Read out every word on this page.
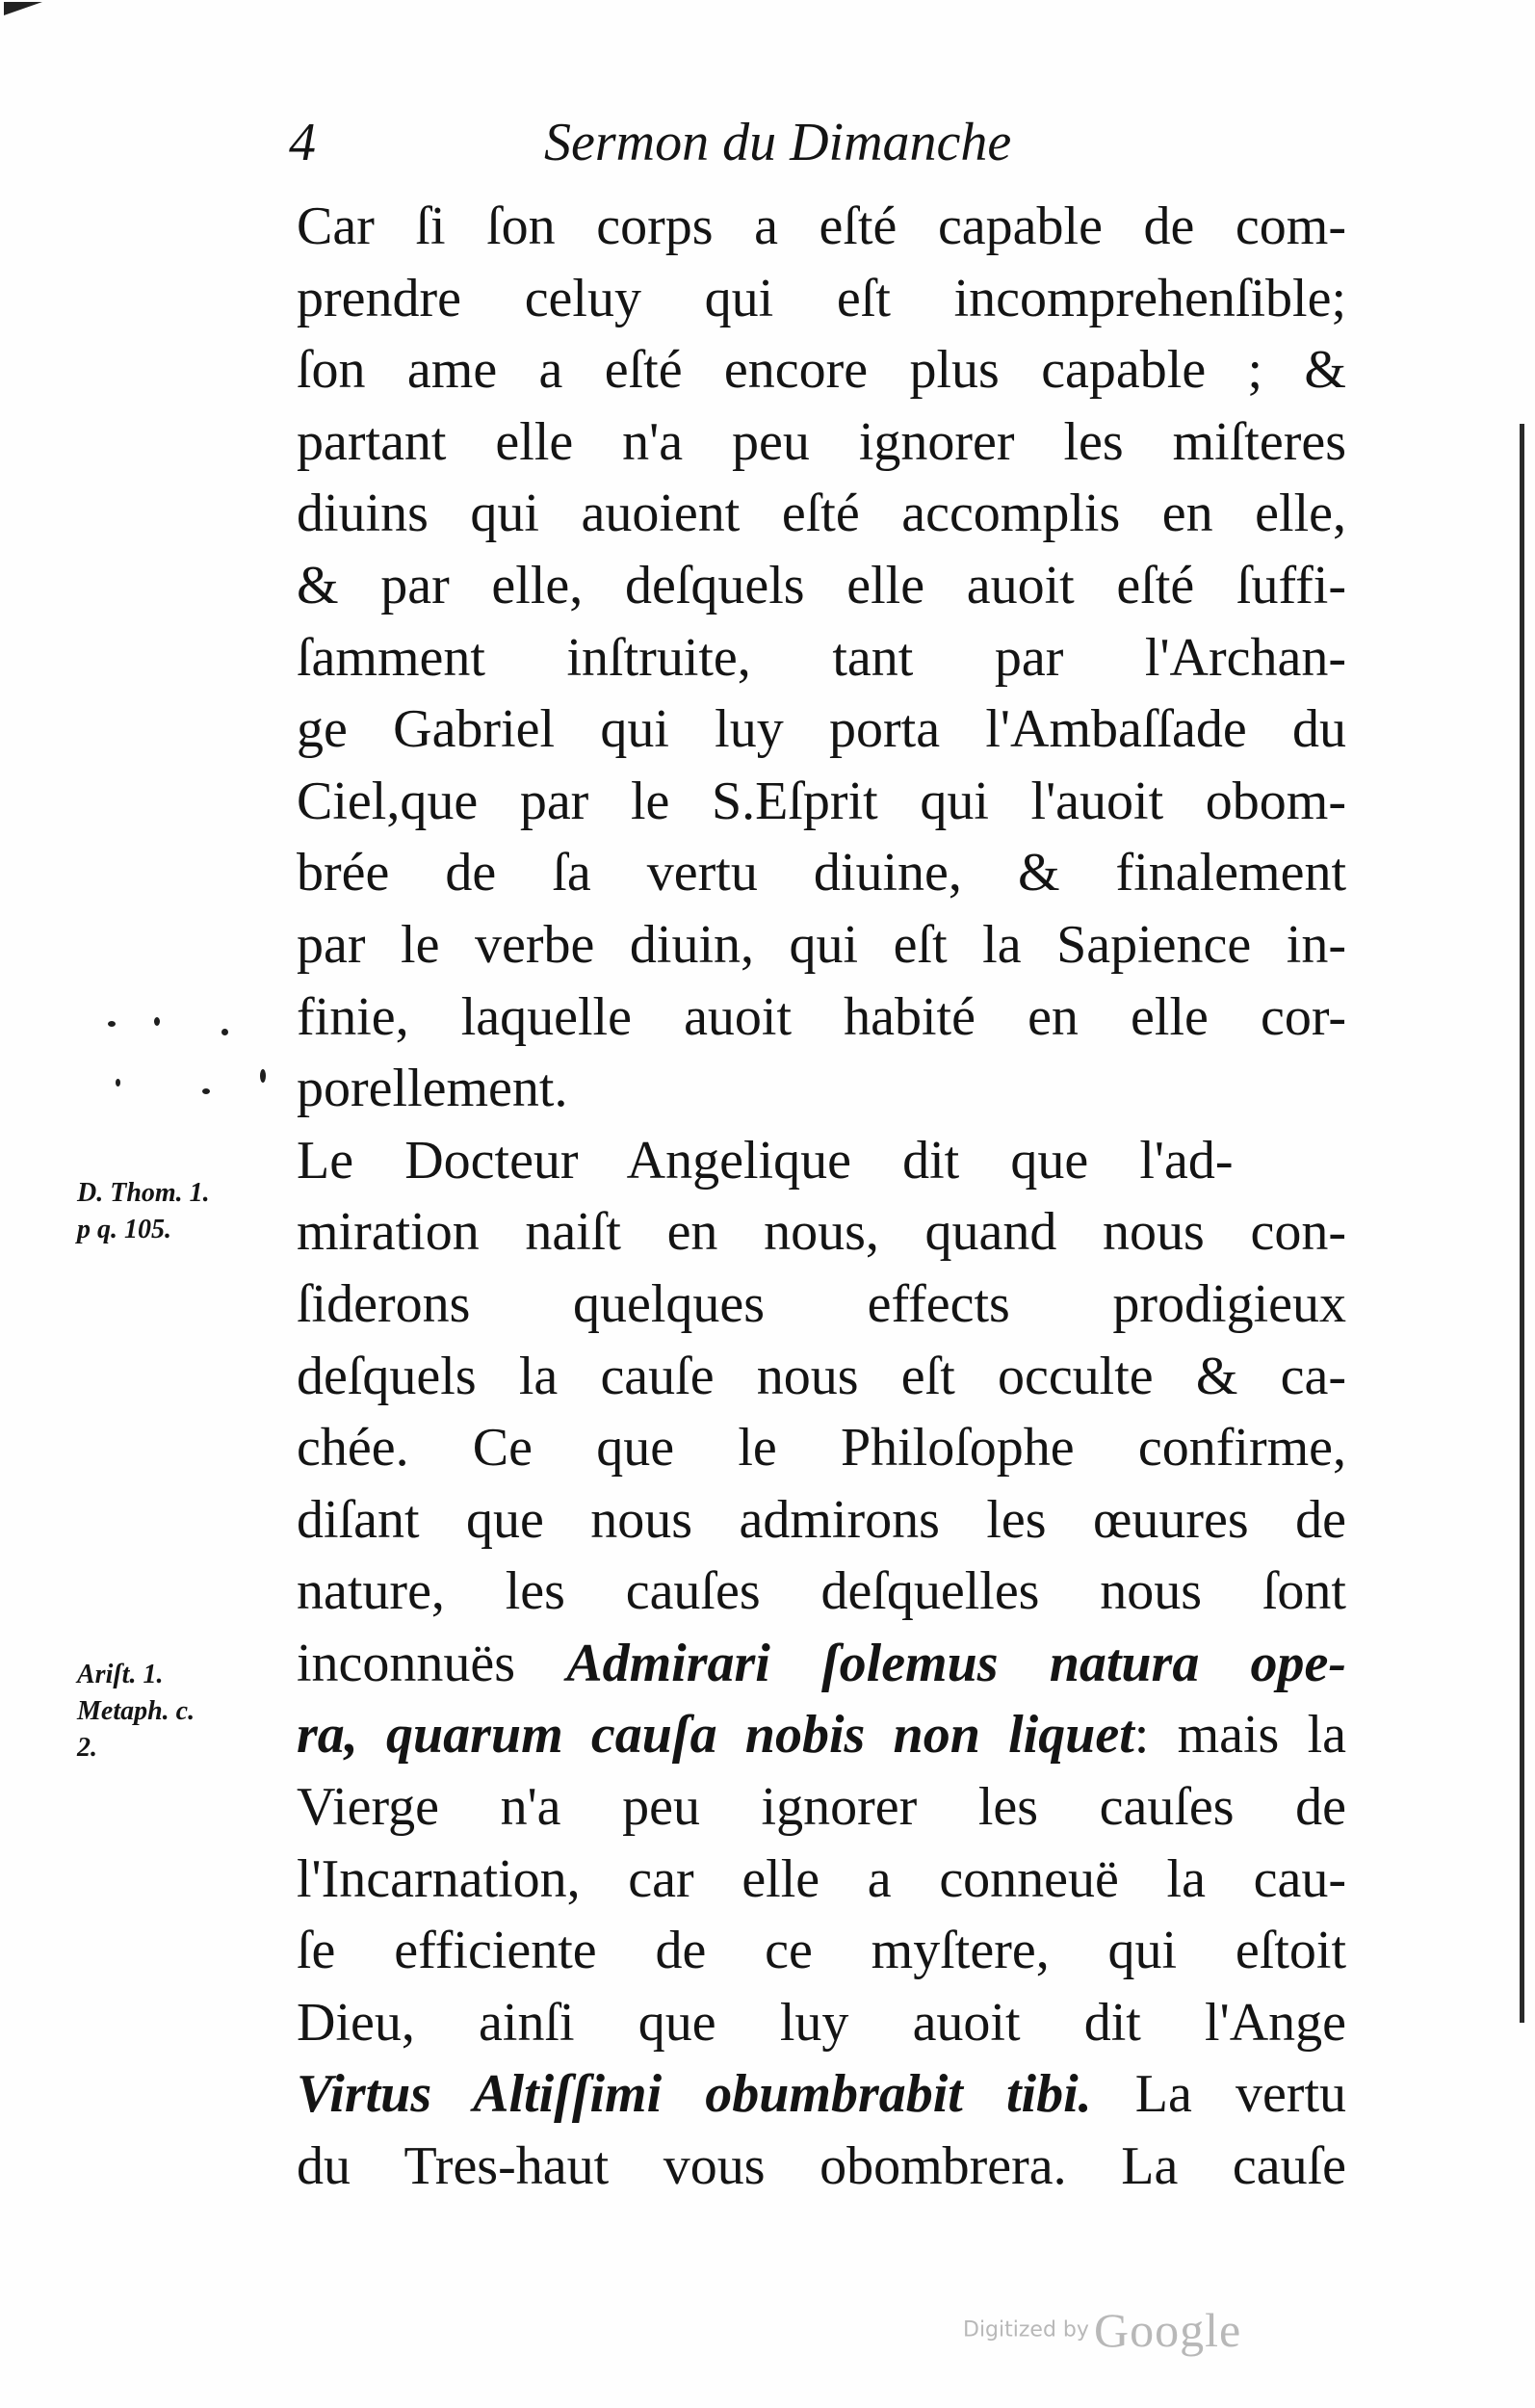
4	Sermon du Dimanche
Car ſi ſon corps a eſté capable de com-
prendre celuy qui eſt incomprehenſible;
ſon ame a eſté encore plus capable ; &
partant elle n'a peu ignorer les miſteres
diuins qui auoient eſté accomplis en elle,
& par elle, deſquels elle auoit eſté ſuffi-
ſamment inſtruite, tant par l'Archan-
ge Gabriel qui luy porta l'Ambaſſade du
Ciel,que par le S.Eſprit qui l'auoit obom-
brée de ſa vertu diuine, & finalement
par le verbe diuin, qui eſt la Sapience in-
finie, laquelle auoit habité en elle cor-
porellement.
Le Docteur Angelique dit que l'ad-
miration naiſt en nous, quand nous con-
ſiderons quelques effects prodigieux
deſquels la cauſe nous eſt occulte & ca-
chée. Ce que le Philoſophe confirme,
diſant que nous admirons les œuures de
nature, les cauſes deſquelles nous ſont
inconnuës Admirari ſolemus natura ope-
ra, quarum cauſa nobis non liquet: mais la
Vierge n'a peu ignorer les cauſes de
l'Incarnation, car elle a conneuë la cau-
ſe efficiente de ce myſtere, qui eſtoit
Dieu, ainſi que luy auoit dit l'Ange
Virtus Altiſſimi obumbrabit tibi. La vertu
du Tres-haut vous obombrera. La cauſe
D. Thom. 1.
p q. 105.
Ariſt. 1.
Metaph. c.
2.
Digitized by Google
